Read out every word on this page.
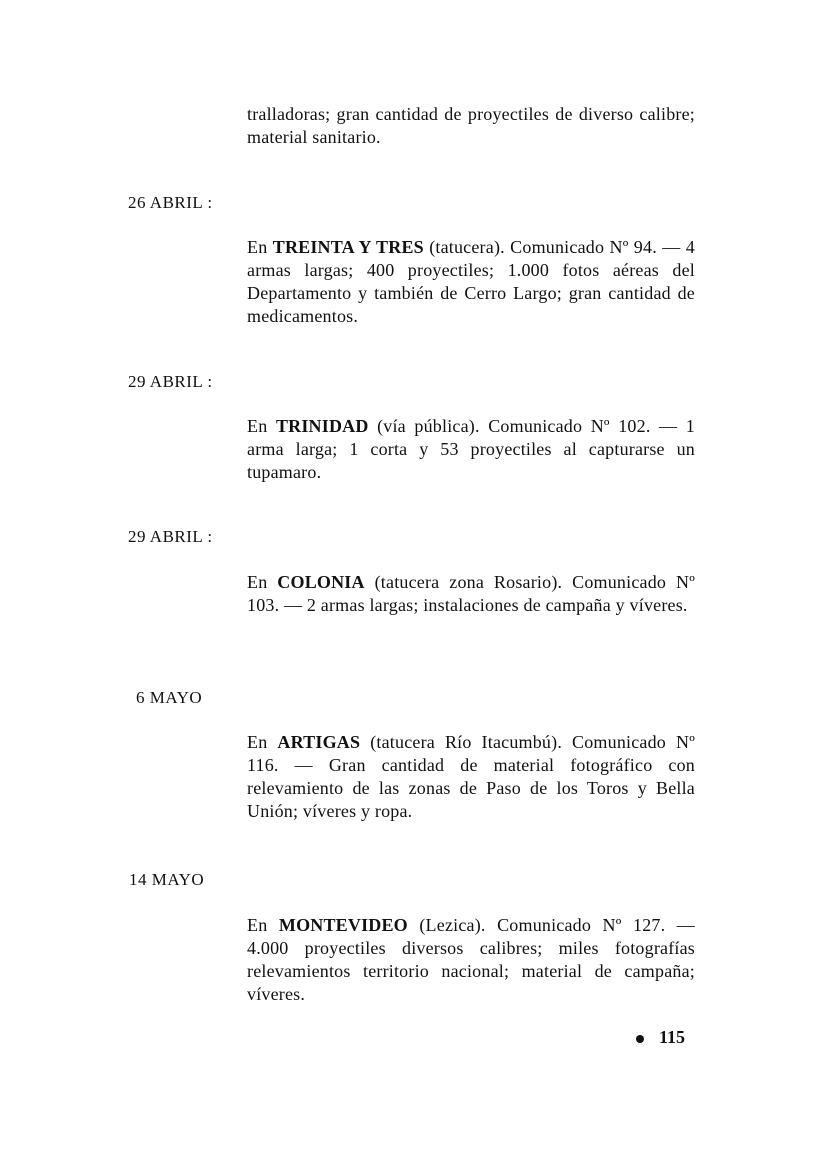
tralladoras; gran cantidad de proyectiles de diverso calibre; material sanitario.
26 ABRIL :
En TREINTA Y TRES (tatucera). Comunicado Nº 94. — 4 armas largas; 400 proyectiles; 1.000 fotos aéreas del Departamento y también de Cerro Largo; gran cantidad de medicamentos.
29 ABRIL :
En TRINIDAD (vía pública). Comunicado Nº 102. — 1 arma larga; 1 corta y 53 proyectiles al capturarse un tupamaro.
29 ABRIL :
En COLONIA (tatucera zona Rosario). Comunicado Nº 103. — 2 armas largas; instalaciones de campaña y víveres.
6 MAYO
En ARTIGAS (tatucera Río Itacumbú). Comunicado Nº 116. — Gran cantidad de material fotográfico con relevamiento de las zonas de Paso de los Toros y Bella Unión; víveres y ropa.
14 MAYO
En MONTEVIDEO (Lezica). Comunicado Nº 127. — 4.000 proyectiles diversos calibres; miles fotografías relevamientos territorio nacional; material de campaña; víveres.
115
